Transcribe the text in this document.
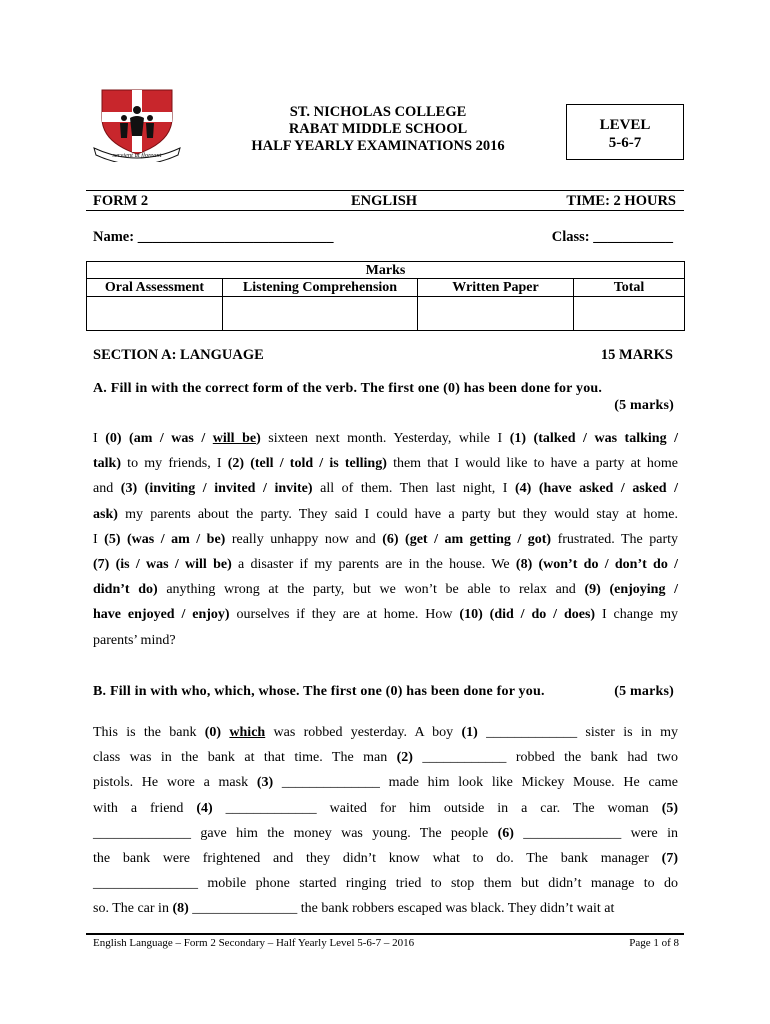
servient ut floreant
ST. NICHOLAS COLLEGE
RABAT MIDDLE SCHOOL
HALF YEARLY EXAMINATIONS 2016
LEVEL
5-6-7
FORM 2	ENGLISH	TIME: 2 HOURS
Name: ___________________________	Class: ___________
Marks			
Oral Assessment	Listening Comprehension	Written Paper	Total

SECTION A: LANGUAGE	15 MARKS
A. Fill in with the correct form of the verb. The first one (0) has been done for you.
(5 marks)
I (0) (am / was / will be) sixteen next month. Yesterday, while I (1) (talked / was talking /
talk) to my friends, I (2) (tell / told / is telling) them that I would like to have a party at home
and (3) (inviting / invited / invite) all of them. Then last night, I (4) (have asked / asked /
ask) my parents about the party. They said I could have a party but they would stay at home.
I (5) (was / am / be) really unhappy now and (6) (get / am getting / got) frustrated. The party
(7) (is / was / will be) a disaster if my parents are in the house. We (8) (won’t do / don’t do /
didn’t do) anything wrong at the party, but we won’t be able to relax and (9) (enjoying /
have enjoyed / enjoy) ourselves if they are at home. How (10) (did / do / does) I change my
parents’ mind?
B. Fill in with who, which, whose. The first one (0) has been done for you.	(5 marks)
This is the bank (0) which was robbed yesterday. A boy (1) _____________ sister is in my
class was in the bank at that time. The man (2) ____________ robbed the bank had two
pistols. He wore a mask (3) ______________ made him look like Mickey Mouse. He came
with a friend (4) _____________ waited for him outside in a car. The woman (5)
______________ gave him the money was young. The people (6) ______________ were in
the bank were frightened and they didn’t know what to do. The bank manager (7)
_______________ mobile phone started ringing tried to stop them but didn’t manage to do
so. The car in (8) _______________ the bank robbers escaped was black. They didn’t wait at
English Language – Form 2 Secondary – Half Yearly Level 5-6-7 – 2016	Page 1 of 8
